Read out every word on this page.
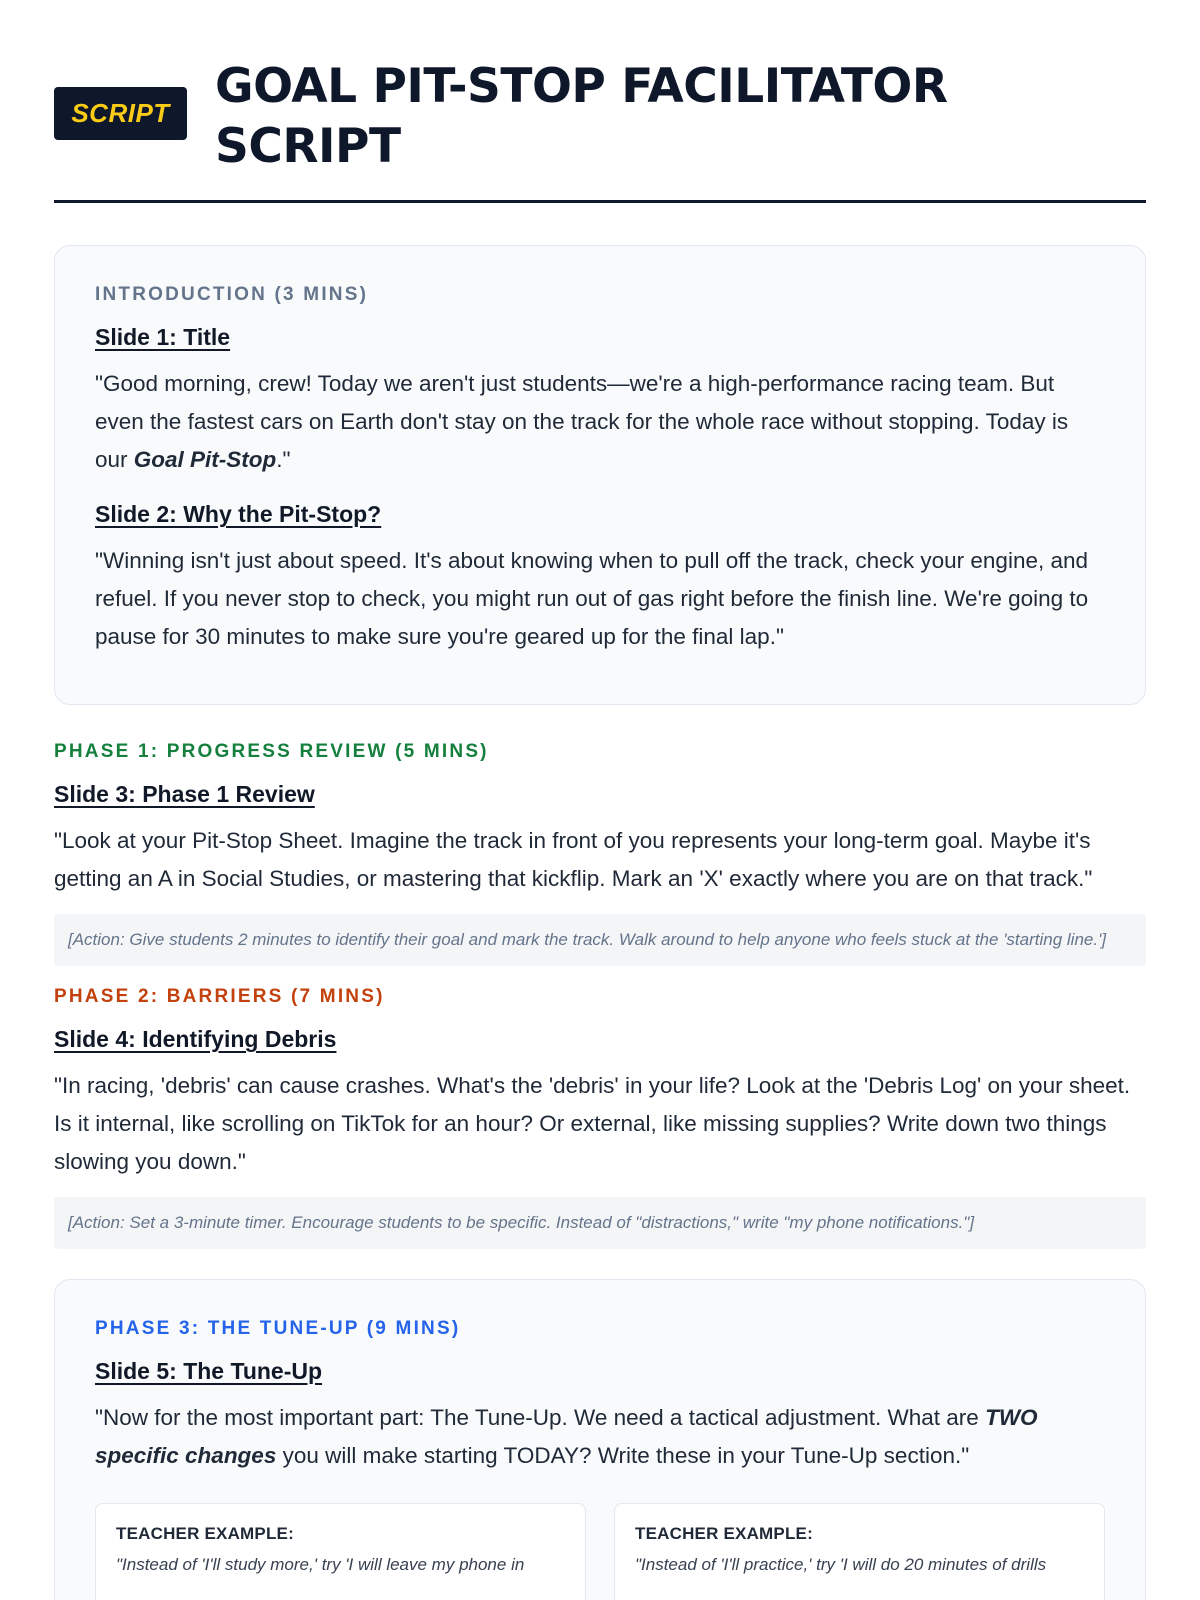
SCRIPT GOAL PIT-STOP FACILITATOR
SCRIPT
INTRODUCTION (3 MINS)
Slide 1: Title

"Good morning, crew! Today we aren't just students—we're a high-performance racing team. But even the fastest cars on Earth don't stay on the track for the whole race without stopping. Today is our Goal Pit-Stop."

Slide 2: Why the Pit-Stop?

"Winning isn't just about speed. It's about knowing when to pull off the track, check your engine, and refuel. If you never stop to check, you might run out of gas right before the finish line. We're going to pause for 30 minutes to make sure you're geared up for the final lap."

PHASE 1: PROGRESS REVIEW (5 MINS)
Slide 3: Phase 1 Review

"Look at your Pit-Stop Sheet. Imagine the track in front of you represents your long-term goal. Maybe it's getting an A in Social Studies, or mastering that kickflip. Mark an 'X' exactly where you are on that track."

[Action: Give students 2 minutes to identify their goal and mark the track. Walk around to help anyone who feels stuck at the 'starting line.']
PHASE 2: BARRIERS (7 MINS)
Slide 4: Identifying Debris

"In racing, 'debris' can cause crashes. What's the 'debris' in your life? Look at the 'Debris Log' on your sheet. Is it internal, like scrolling on TikTok for an hour? Or external, like missing supplies? Write down two things slowing you down."

[Action: Set a 3-minute timer. Encourage students to be specific. Instead of "distractions," write "my phone notifications."]
PHASE 3: THE TUNE-UP (9 MINS)
Slide 5: The Tune-Up

"Now for the most important part: The Tune-Up. We need a tactical adjustment. What are TWO specific changes you will make starting TODAY? Write these in your Tune-Up section."

TEACHER EXAMPLE:
"Instead of 'I'll study more,' try 'I will leave my phone in
TEACHER EXAMPLE:
"Instead of 'I'll practice,' try 'I will do 20 minutes of drills
